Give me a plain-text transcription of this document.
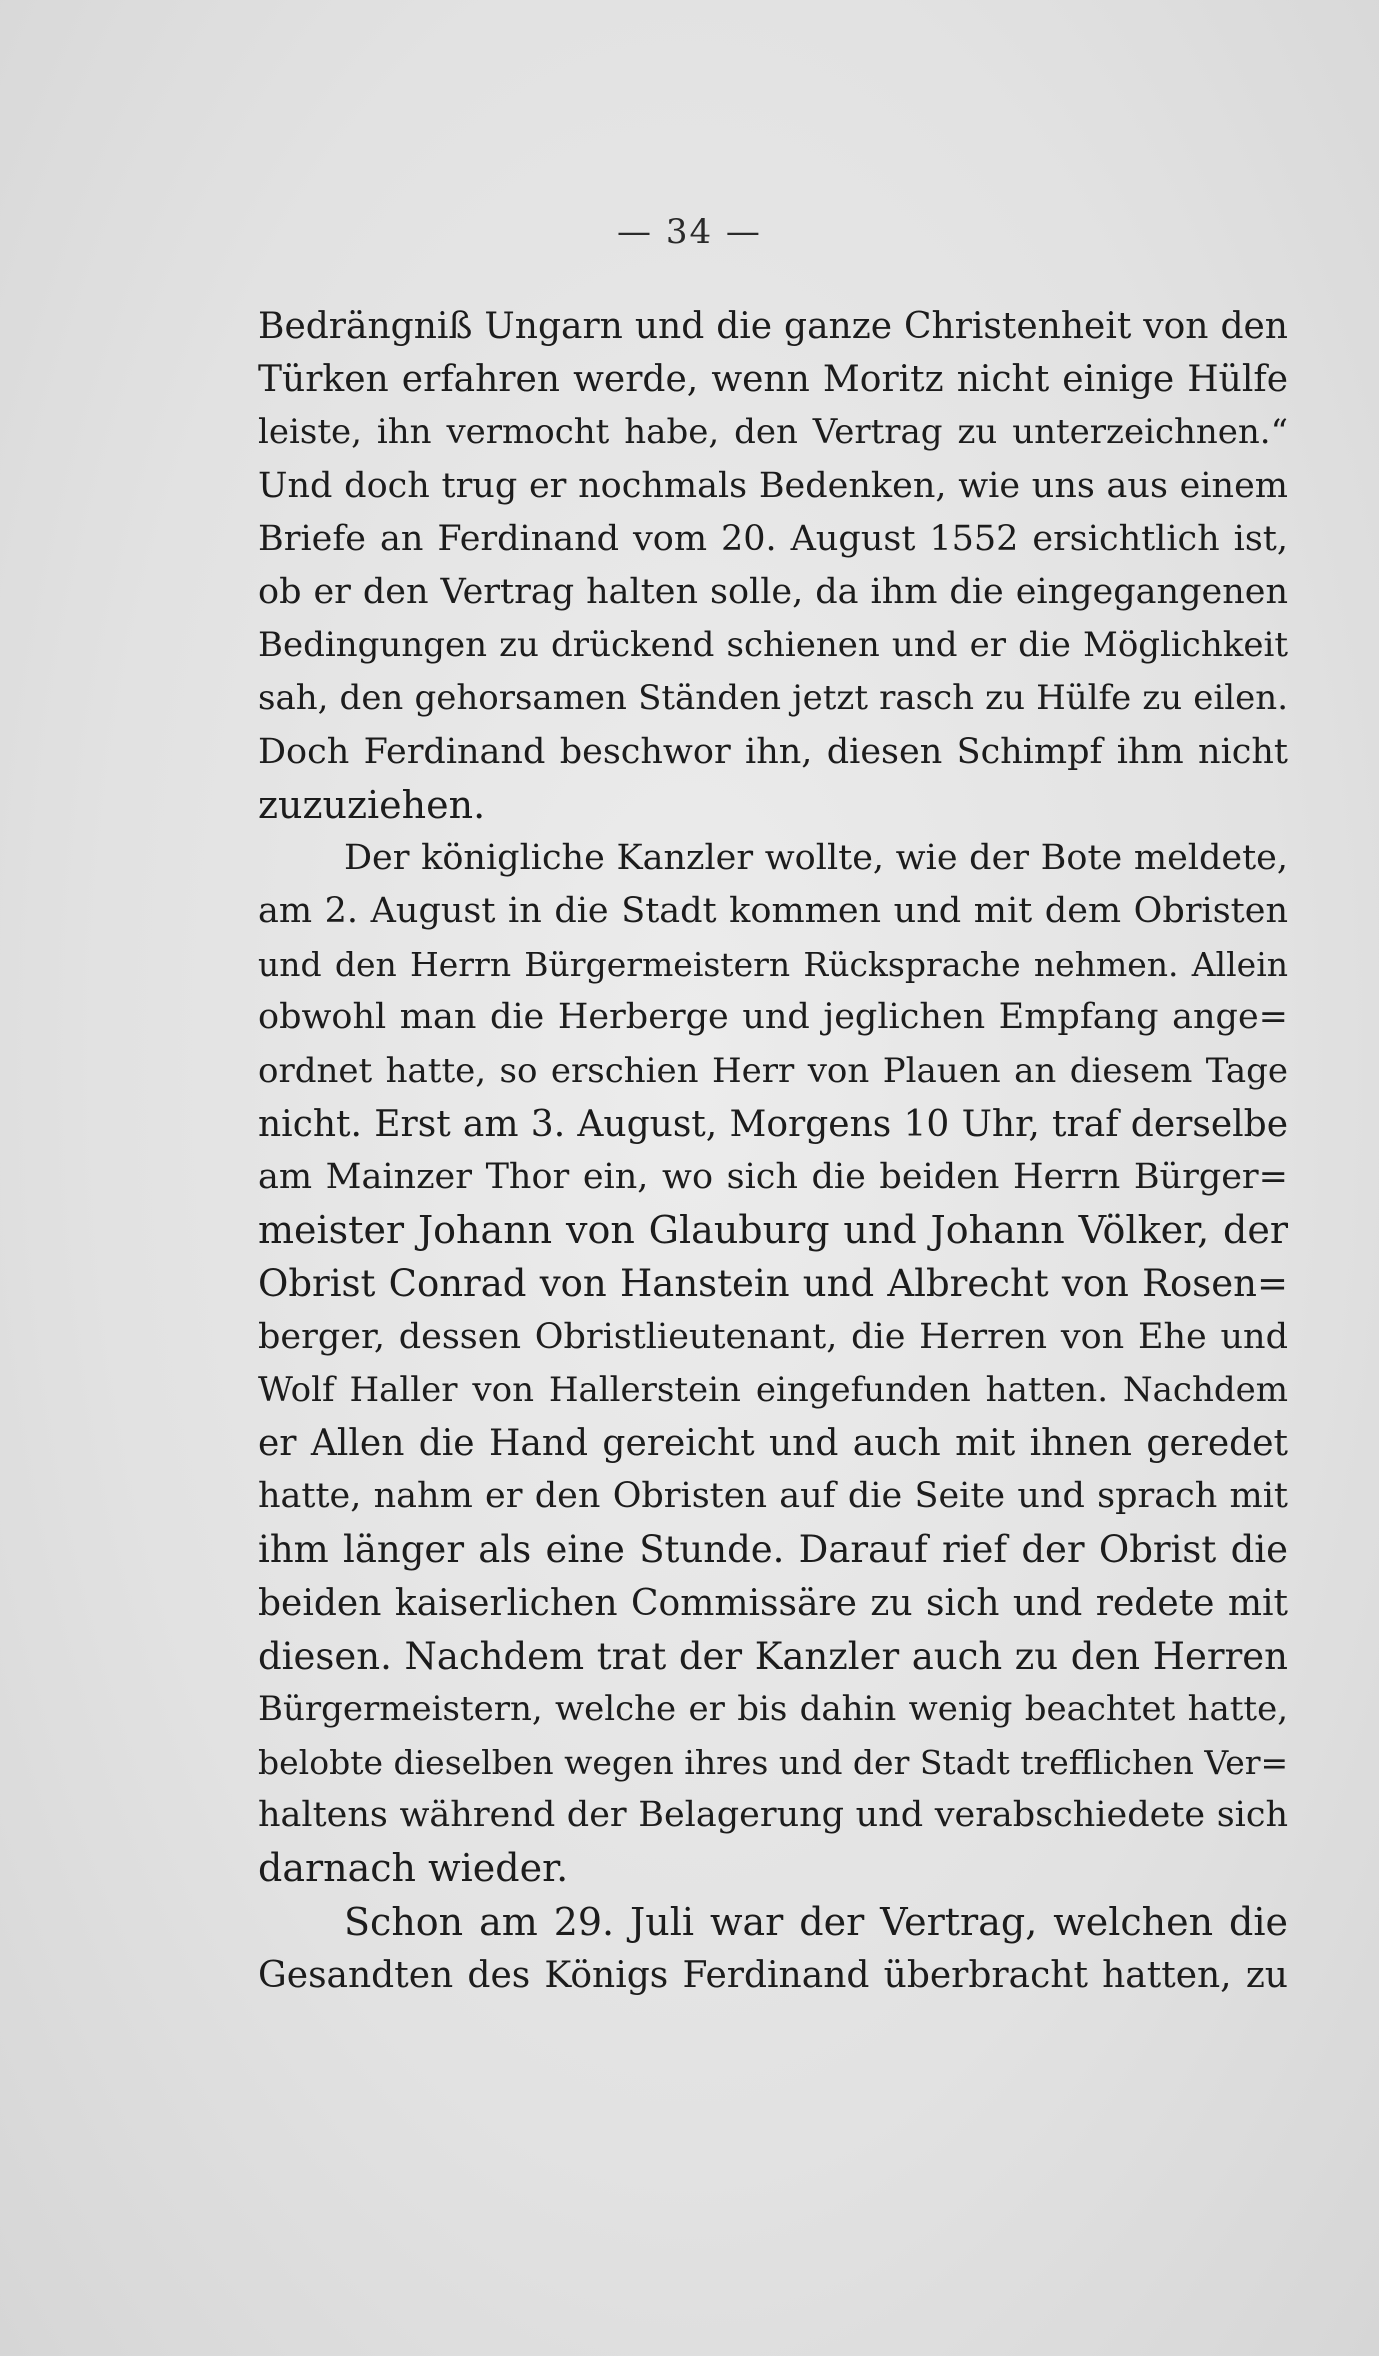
— 34 —
Bedrängniß Ungarn und die ganze Christenheit von den
Türken erfahren werde, wenn Moritz nicht einige Hülfe
leiste, ihn vermocht habe, den Vertrag zu unterzeichnen.“
Und doch trug er nochmals Bedenken, wie uns aus einem
Briefe an Ferdinand vom 20. August 1552 ersichtlich ist,
ob er den Vertrag halten solle, da ihm die eingegangenen
Bedingungen zu drückend schienen und er die Möglichkeit
sah, den gehorsamen Ständen jetzt rasch zu Hülfe zu eilen.
Doch Ferdinand beschwor ihn, diesen Schimpf ihm nicht
zuzuziehen.
Der königliche Kanzler wollte, wie der Bote meldete,
am 2. August in die Stadt kommen und mit dem Obristen
und den Herrn Bürgermeistern Rücksprache nehmen. Allein
obwohl man die Herberge und jeglichen Empfang ange=
ordnet hatte, so erschien Herr von Plauen an diesem Tage
nicht. Erst am 3. August, Morgens 10 Uhr, traf derselbe
am Mainzer Thor ein, wo sich die beiden Herrn Bürger=
meister Johann von Glauburg und Johann Völker, der
Obrist Conrad von Hanstein und Albrecht von Rosen=
berger, dessen Obristlieutenant, die Herren von Ehe und
Wolf Haller von Hallerstein eingefunden hatten. Nachdem
er Allen die Hand gereicht und auch mit ihnen geredet
hatte, nahm er den Obristen auf die Seite und sprach mit
ihm länger als eine Stunde. Darauf rief der Obrist die
beiden kaiserlichen Commissäre zu sich und redete mit
diesen. Nachdem trat der Kanzler auch zu den Herren
Bürgermeistern, welche er bis dahin wenig beachtet hatte,
belobte dieselben wegen ihres und der Stadt trefflichen Ver=
haltens während der Belagerung und verabschiedete sich
darnach wieder.
Schon am 29. Juli war der Vertrag, welchen die
Gesandten des Königs Ferdinand überbracht hatten, zu
